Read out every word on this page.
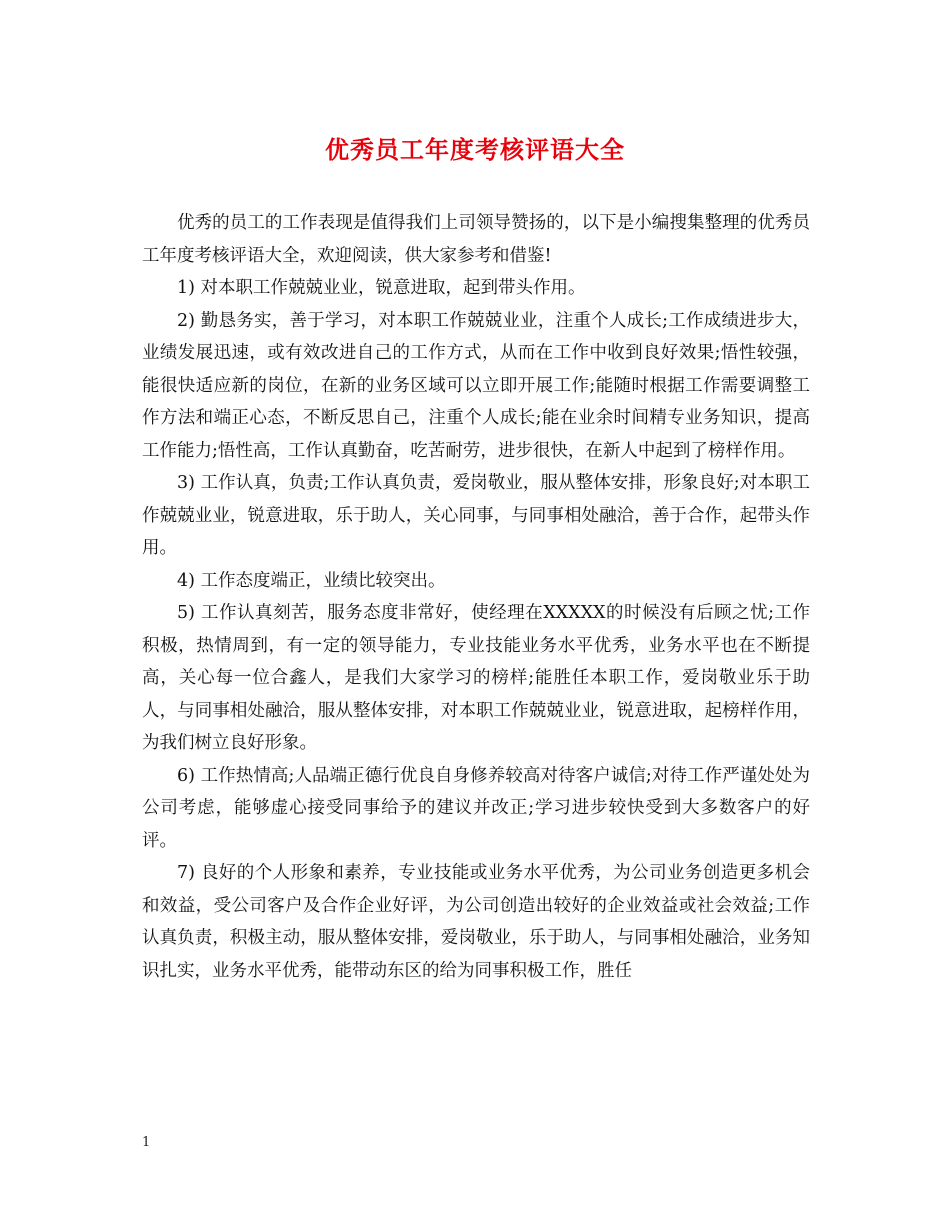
优秀员工年度考核评语大全

优秀的员工的工作表现是值得我们上司领导赞扬的，以下是小编搜集整理的优秀员工年度考核评语大全，欢迎阅读，供大家参考和借鉴!

1) 对本职工作兢兢业业，锐意进取，起到带头作用。

2) 勤恳务实，善于学习，对本职工作兢兢业业，注重个人成长;工作成绩进步大，业绩发展迅速，或有效改进自己的工作方式，从而在工作中收到良好效果;悟性较强，能很快适应新的岗位，在新的业务区域可以立即开展工作;能随时根据工作需要调整工作方法和端正心态，不断反思自己，注重个人成长;能在业余时间精专业务知识，提高工作能力;悟性高，工作认真勤奋，吃苦耐劳，进步很快，在新人中起到了榜样作用。

3) 工作认真，负责;工作认真负责，爱岗敬业，服从整体安排，形象良好;对本职工作兢兢业业，锐意进取，乐于助人，关心同事，与同事相处融洽，善于合作，起带头作用。

4) 工作态度端正，业绩比较突出。

5) 工作认真刻苦，服务态度非常好，使经理在XXXXX的时候没有后顾之忧;工作积极，热情周到，有一定的领导能力，专业技能业务水平优秀，业务水平也在不断提高，关心每一位合鑫人，是我们大家学习的榜样;能胜任本职工作，爱岗敬业乐于助人，与同事相处融洽，服从整体安排，对本职工作兢兢业业，锐意进取，起榜样作用，为我们树立良好形象。

6) 工作热情高;人品端正德行优良自身修养较高对待客户诚信;对待工作严谨处处为公司考虑，能够虚心接受同事给予的建议并改正;学习进步较快受到大多数客户的好评。

7) 良好的个人形象和素养，专业技能或业务水平优秀，为公司业务创造更多机会和效益，受公司客户及合作企业好评，为公司创造出较好的企业效益或社会效益;工作认真负责，积极主动，服从整体安排，爱岗敬业，乐于助人，与同事相处融洽，业务知识扎实，业务水平优秀，能带动东区的给为同事积极工作，胜任

1
